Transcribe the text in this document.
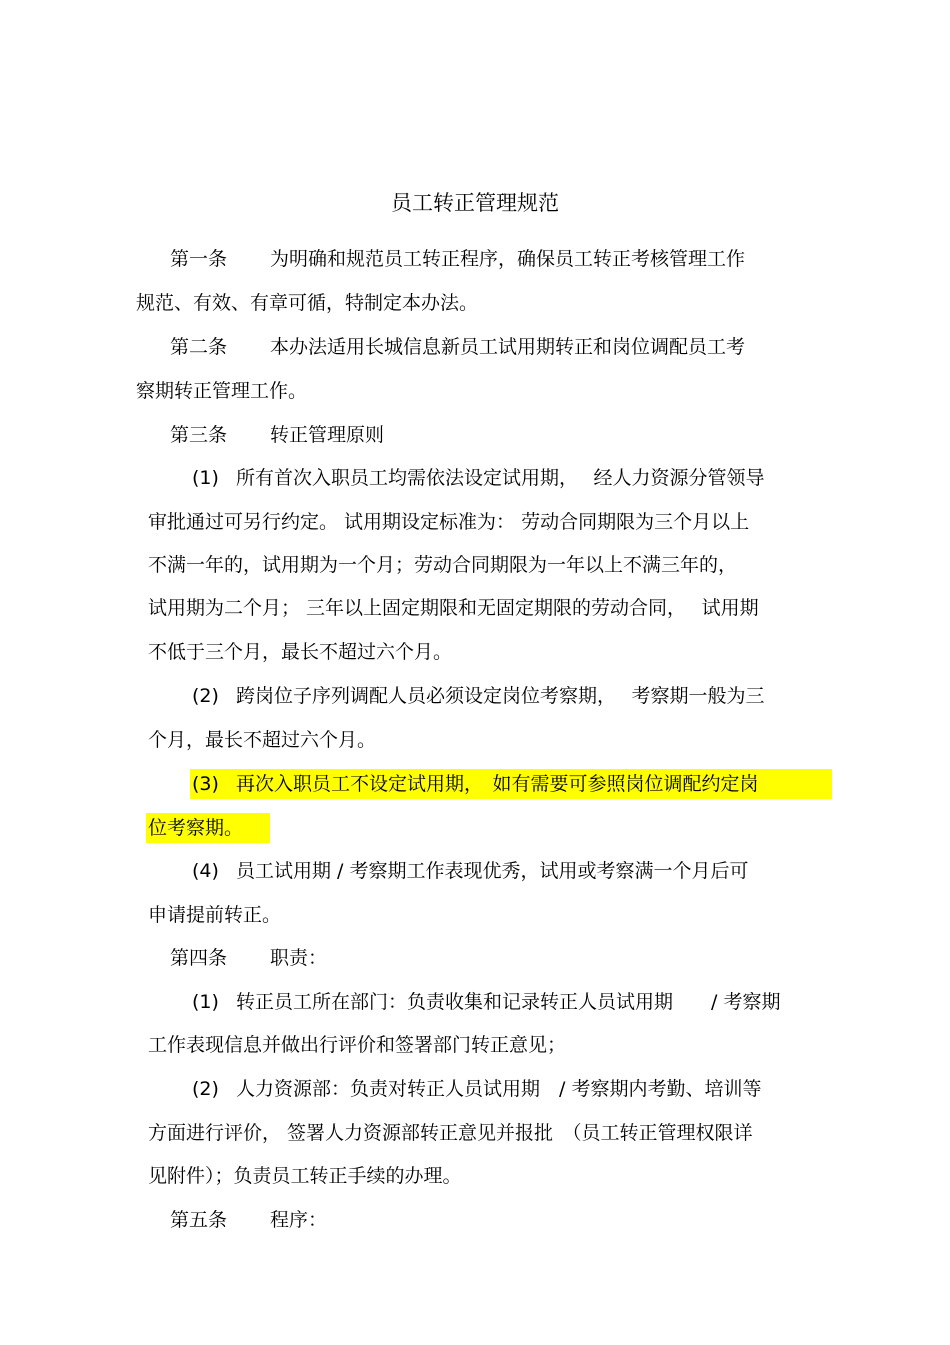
员工转正管理规范
第一条 为明确和规范员工转正程序，确保员工转正考核管理工作
规范、有效、有章可循，特制定本办法。
第二条 本办法适用长城信息新员工试用期转正和岗位调配员工考
察期转正管理工作。
第三条 转正管理原则
(1) 所有首次入职员工均需依法设定试用期，　 经人力资源分管领导
审批通过可另行约定。 试用期设定标准为： 劳动合同期限为三个月以上
不满一年的，试用期为一个月；劳动合同期限为一年以上不满三年的，
试用期为二个月； 三年以上固定期限和无固定期限的劳动合同，　 试用期
不低于三个月，最长不超过六个月。
(2) 跨岗位子序列调配人员必须设定岗位考察期，　 考察期一般为三
个月，最长不超过六个月。
(3) 再次入职员工不设定试用期，　如有需要可参照岗位调配约定岗
位考察期。
(4) 员工试用期 / 考察期工作表现优秀，试用或考察满一个月后可
申请提前转正。
第四条 职责：
(1) 转正员工所在部门：负责收集和记录转正人员试用期　　/ 考察期
工作表现信息并做出行评价和签署部门转正意见；
(2) 人力资源部：负责对转正人员试用期　/ 考察期内考勤、培训等
方面进行评价， 签署人力资源部转正意见并报批　（员工转正管理权限详
见附件）；负责员工转正手续的办理。
第五条 程序：
